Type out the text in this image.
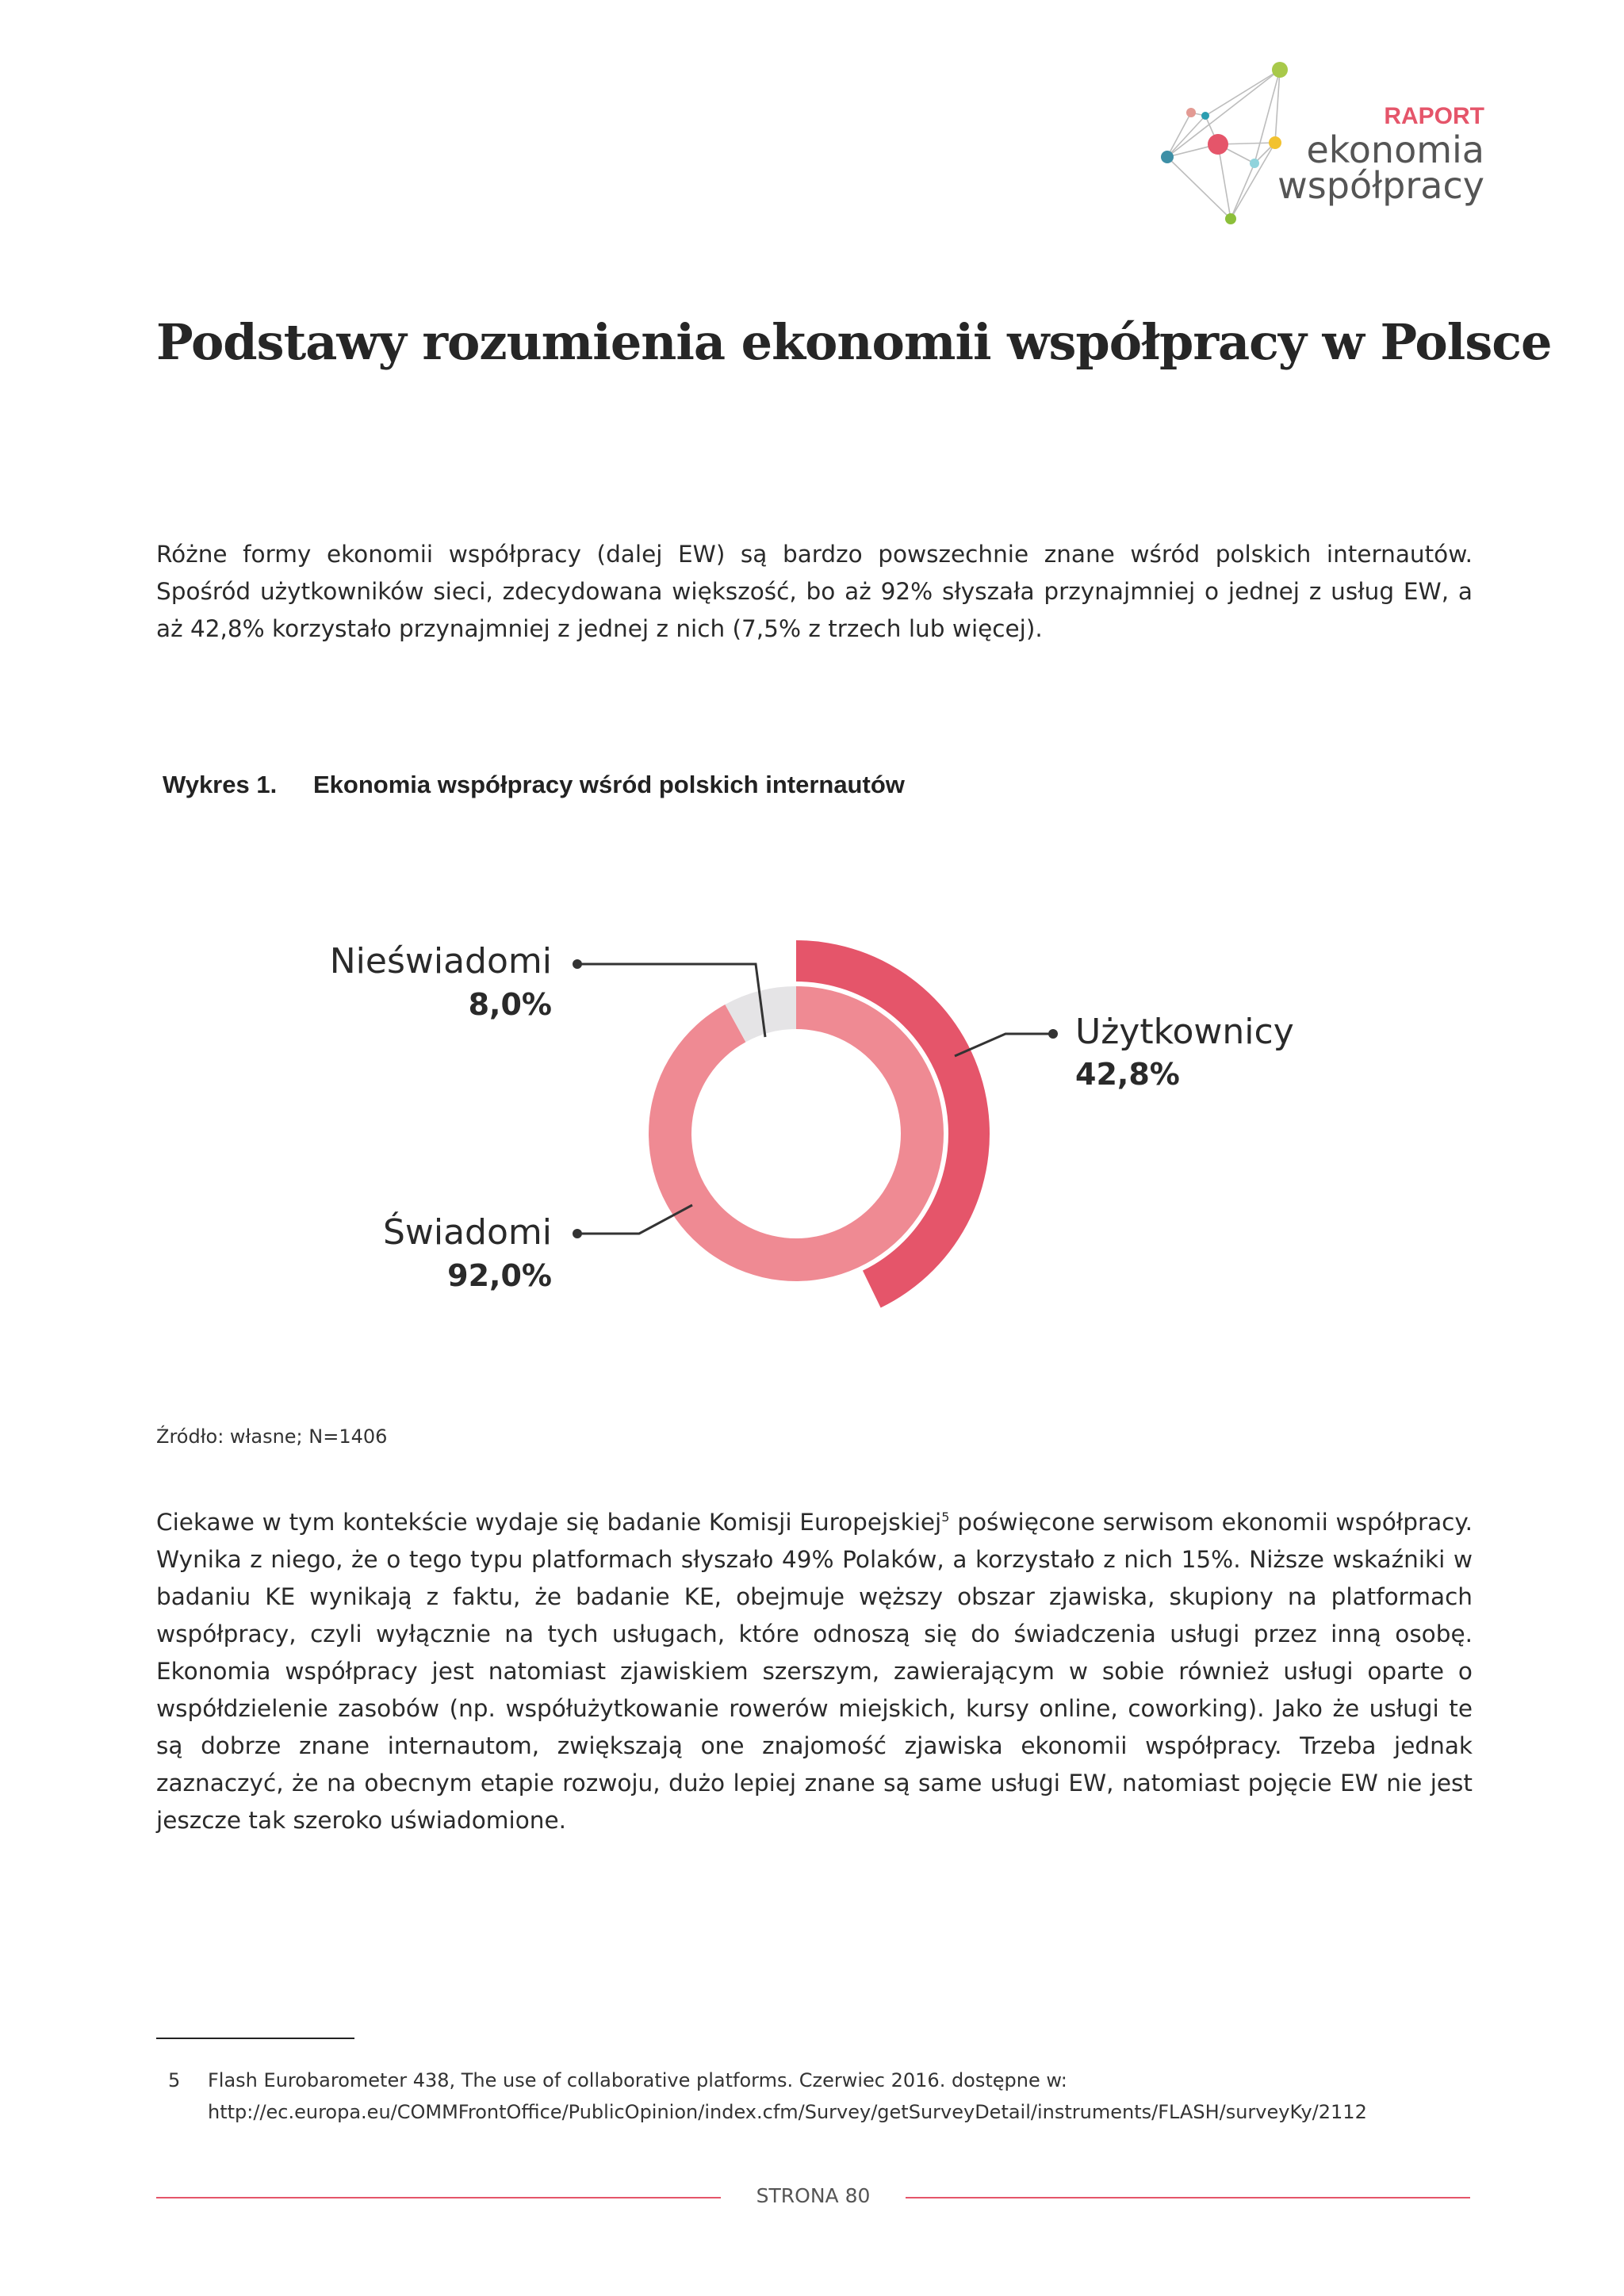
RAPORT
ekonomia
współpracy
Podstawy rozumienia ekonomii współpracy w Polsce
Różne formy ekonomii współpracy (dalej EW) są bardzo powszechnie znane wśród polskich internautów. Spośród użytkowników sieci, zdecydowana większość, bo aż 92% słyszała przynajmniej o jednej z usług EW, a aż 42,8% korzystało przynajmniej z jednej z nich (7,5% z trzech lub więcej).
Wykres 1. Ekonomia współpracy wśród polskich internautów
Nieświadomi
8,0%
Świadomi
92,0%
Użytkownicy
42,8%
Źródło: własne; N=1406
Ciekawe w tym kontekście wydaje się badanie Komisji Europejskiej$^5$ poświęcone serwisom ekonomii współpracy. Wynika z niego, że o tego typu platformach słyszało 49% Polaków, a korzystało z nich 15%. Niższe wskaźniki w badaniu KE wynikają z faktu, że badanie KE, obejmuje węższy obszar zjawiska, skupiony na platformach współpracy, czyli wyłącznie na tych usługach, które odnoszą się do świadczenia usługi przez inną osobę. Ekonomia współpracy jest natomiast zjawiskiem szerszym, zawierającym w sobie również usługi oparte o współdzielenie zasobów (np. współużytkowanie rowerów miejskich, kursy online, coworking). Jako że usługi te są dobrze znane internautom, zwiększają one znajomość zjawiska ekonomii współpracy. Trzeba jednak zaznaczyć, że na obecnym etapie rozwoju, dużo lepiej znane są same usługi EW, natomiast pojęcie EW nie jest jeszcze tak szeroko uświadomione.
5 Flash Eurobarometer 438, The use of collaborative platforms. Czerwiec 2016. dostępne w: http://ec.europa.eu/COMMFrontOffice/PublicOpinion/index.cfm/Survey/getSurveyDetail/instruments/FLASH/surveyKy/2112
STRONA 80
